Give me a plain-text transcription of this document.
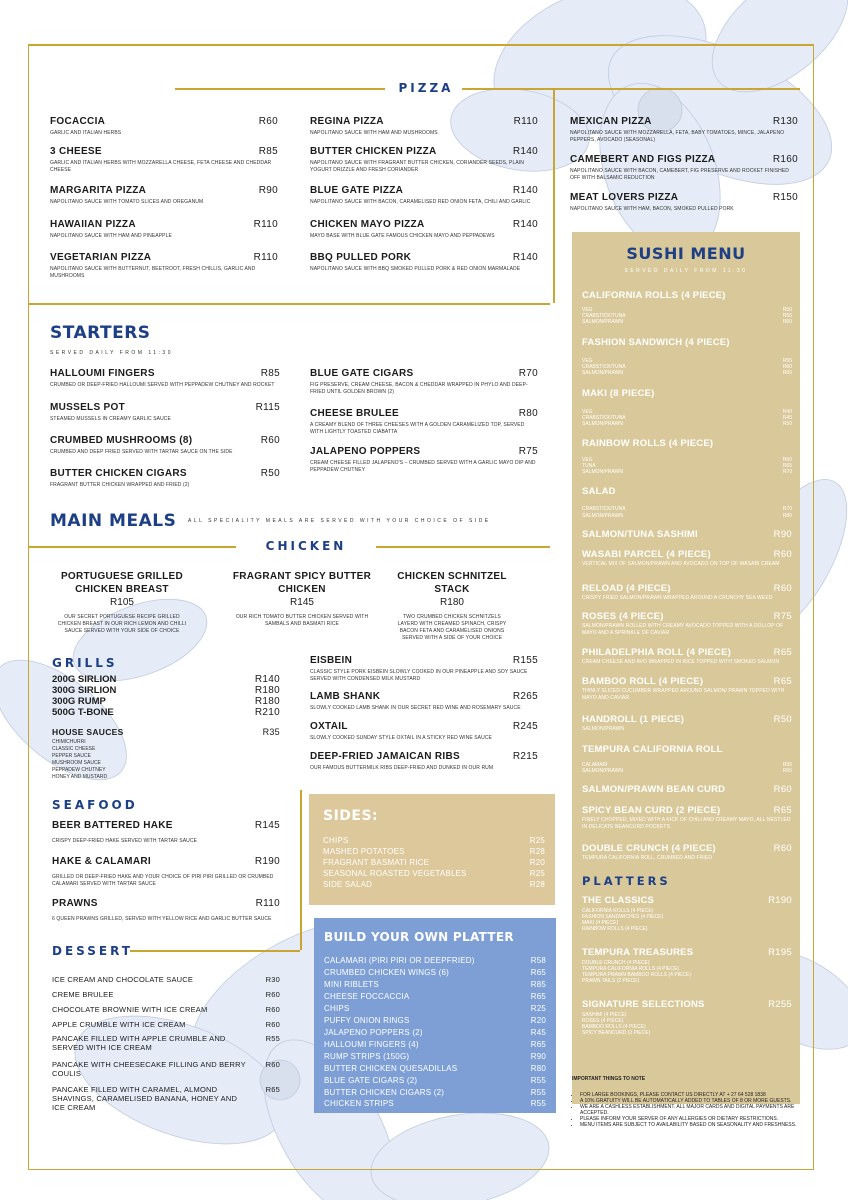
PIZZA
FOCACCIA	R60
GARLIC AND ITALIAN HERBS
3 CHEESE	R85
GARLIC AND ITALIAN HERBS WITH MOZZARELLA CHEESE, FETA CHEESE AND CHEDDAR CHEESE
MARGARITA PIZZA	R90
NAPOLITANO SAUCE WITH TOMATO SLICES AND OREGANUM
HAWAIIAN PIZZA	R110
NAPOLITANO SAUCE WITH HAM AND PINEAPPLE
VEGETARIAN PIZZA	R110
NAPOLITANO SAUCE WITH BUTTERNUT, BEETROOT, FRESH CHILLIS, GARLIC AND MUSHROOMS
REGINA PIZZA	R110
NAPOLITANO SAUCE WITH HAM AND MUSHROOMS
BUTTER CHICKEN PIZZA	R140
NAPOLITANO SAUCE WITH FRAGRANT BUTTER CHICKEN, CORIANDER SEEDS, PLAIN YOGURT DRIZZLE AND FRESH CORIANDER
BLUE GATE PIZZA	R140
NAPOLITANO SAUCE WITH BACON, CARAMELISED RED ONION FETA, CHILI AND GARLIC
CHICKEN MAYO PIZZA	R140
MAYO BASE WITH BLUE GATE FAMOUS CHICKEN MAYO AND PEPPADEWS
BBQ PULLED PORK	R140
NAPOLITANO SAUCE WITH BBQ SMOKED PULLED PORK & RED ONION MARMALADE
MEXICAN PIZZA	R130
NAPOLITANO SAUCE WITH MOZZARELLA, FETA, BABY TOMATOES, MINCE, JALAPENO PEPPERS, AVOCADO (SEASONAL)
CAMEBERT AND FIGS PIZZA	R160
NAPOLITANO SAUCE WITH BACON, CAMEBERT, FIG PRESERVE AND ROCKET FINISHED OFF WITH BALSAMIC REDUCTION
MEAT LOVERS PIZZA	R150
NAPOLITANO SAUCE WITH HAM, BACON, SMOKED PULLED PORK
STARTERS
SERVED DAILY FROM 11:30
HALLOUMI FINGERS	R85
CRUMBED OR DEEP-FRIED HALLOUMI SERVED WITH PEPPADEW CHUTNEY AND ROCKET
MUSSELS POT	R115
STEAMED MUSSELS IN CREAMY GARLIC SAUCE
CRUMBED MUSHROOMS (8)	R60
CRUMBED AND DEEP FRIED SERVED WITH TARTAR SAUCE ON THE SIDE
BUTTER CHICKEN CIGARS	R50
FRAGRANT BUTTER CHICKEN WRAPPED AND FRIED (2)
BLUE GATE CIGARS	R70
FIG PRESERVE, CREAM CHEESE, BACON & CHEDDAR WRAPPED IN PHYLO AND DEEP-FRIED UNTIL GOLDEN BROWN (2)
CHEESE BRULEE	R80
A CREAMY BLEND OF THREE CHEESES WITH A GOLDEN CARAMELIZED TOP, SERVED WITH LIGHTLY TOASTED CIABATTA
JALAPENO POPPERS	R75
CREAM CHEESE FILLED JALAPENO'S – CRUMBED SERVED WITH A GARLIC MAYO DIP AND PEPPADEW CHUTNEY
MAIN MEALS ALL SPECIALITY MEALS ARE SERVED WITH YOUR CHOICE OF SIDE
CHICKEN
PORTUGUESE GRILLED CHICKEN BREAST
R105
OUR SECRET PORTUGUESE RECIPE GRILLED CHICKEN BREAST IN OUR RICH LEMON AND CHILLI SAUCE SERVED WITH YOUR SIDE OF CHOICE
FRAGRANT SPICY BUTTER CHICKEN
R145
OUR RICH TOMATO BUTTER CHICKEN SERVED WITH SAMBALS AND BASMATI RICE
CHICKEN SCHNITZEL STACK
R180
TWO CRUMBED CHICKEN SCHNITZELS LAYERD WITH CREAMED SPINACH, CRISPY BACON FETA AND CARAMELISED ONIONS SERVED WITH A SIDE OF YOUR CHOICE
GRILLS
200G SIRLION	R140
300G SIRLION	R180
300G RUMP	R180
500G T-BONE	R210
HOUSE SAUCES	R35
CHIMICHURRI
CLASSIC CHEESE
PEPPER SAUCE
MUSHROOM SAUCE
PEPPADEW CHUTNEY
HONEY AND MUSTARD
EISBEIN	R155
CLASSIC STYLE PORK EISBEIN SLOWLY COOKED IN OUR PINEAPPLE AND SOY SAUCE SERVED WITH CONDENSED MILK MUSTARD
LAMB SHANK	R265
SLOWLY COOKED LAMB SHANK IN OUR SECRET RED WINE AND ROSEMARY SAUCE
OXTAIL	R245
SLOWLY COOKED SUNDAY STYLE OXTAIL IN A STICKY RED WINE SAUCE
DEEP-FRIED JAMAICAN RIBS	R215
OUR FAMOUS BUTTERMILK RIBS DEEP-FRIED AND DUNKED IN OUR RUM
SEAFOOD
BEER BATTERED HAKE	R145
CRISPY DEEP-FRIED HAKE SERVED WITH TARTAR SAUCE
HAKE & CALAMARI	R190
GRILLED OR DEEP-FRIED HAKE AND YOUR CHOICE OF PIRI PIRI GRILLED OR CRUMBED CALAMARI SERVED WITH TARTAR SAUCE
PRAWNS	R110
6 QUEEN PRAWNS GRILLED, SERVED WITH YELLOW RICE AND GARLIC BUTTER SAUCE
DESSERT
ICE CREAM AND CHOCOLATE SAUCE	R30
CREME BRULEE	R60
CHOCOLATE BROWNIE WITH ICE CREAM	R60
APPLE CRUMBLE WITH ICE CREAM	R60
PANCAKE FILLED WITH APPLE CRUMBLE AND SERVED WITH ICE CREAM
R55
PANCAKE WITH CHEESECAKE FILLING AND BERRY COULIS
R60
PANCAKE FILLED WITH CARAMEL, ALMOND SHAVINGS, CARAMELISED BANANA, HONEY AND ICE CREAM
R65
SIDES:
CHIPS	R25
MASHED POTATOES	R28
FRAGRANT BASMATI RICE	R20
SEASONAL ROASTED VEGETABLES	R25
SIDE SALAD	R28
BUILD YOUR OWN PLATTER
CALAMARI (PIRI PIRI OR DEEPFRIED)	R58
CRUMBED CHICKEN WINGS (6)	R65
MINI RIBLETS	R85
CHEESE FOCCACCIA	R65
CHIPS	R25
PUFFY ONION RINGS	R20
JALAPENO POPPERS (2)	R45
HALLOUMI FINGERS (4)	R65
RUMP STRIPS (150G)	R90
BUTTER CHICKEN QUESADILLAS	R80
BLUE GATE CIGARS (2)	R55
BUTTER CHICKEN CIGARS (2)	R55
CHICKEN STRIPS	R55
SUSHI MENU
SERVED DAILY FROM 11:30
CALIFORNIA ROLLS (4 PIECE)
VEG	R50
CRABSTICK/TUNA	R55
SALMON/PRAWN	R60
FASHION SANDWICH (4 PIECE)
VEG	R55
CRABSTICK/TUNA	R60
SALMON/PRAWN	R65
MAKI (8 PIECE)
VEG	R40
CRABSTICK/TUNA	R45
SALMON/PRAWN	R50
RAINBOW ROLLS (4 PIECE)
VEG	R60
TUNA	R65
SALMON/PRAWN	R70
SALAD
CRABSTICK/TUNA	R70
SALMON/PRAWN	R80
SALMON/TUNA SASHIMI	R90
WASABI PARCEL (4 PIECE)	R60
VERTICAL MIX OF SALMON/PRAWN AND AVOCADO ON TOP OF WASABI CREAM
RELOAD (4 PIECE)	R60
CRISPY FRIED SALMON/PRAWN WRAPPED AROUND A CRUNCHY SEA WEED
ROSES (4 PIECE)	R75
SALMON/PRAWN ROLLED WITH CREAMY AVOCADO TOPPED WITH A DOLLOP OF MAYO AND A SPRINKLE OF CAVIAR
PHILADELPHIA ROLL (4 PIECE)	R65
CREAM CHEESE AND AVO WRAPPED IN RICE TOPPED WITH SMOKED SALMON
BAMBOO ROLL (4 PIECE)	R65
THINLY SLICED CUCUMBER WRAPPED AROUND SALMON/ PRAWN TOPPED WITH MAYO AND CAVIAR
HANDROLL (1 PIECE)	R50
SALMON/PRAWN
TEMPURA CALIFORNIA ROLL
CALAMARI	R55
SALMON/PRAWN	R65
SALMON/PRAWN BEAN CURD	R60
SPICY BEAN CURD (2 PIECE)	R65
FINELY CHOPPED, MIXED WITH A KICK OF CHILI AND CREAMY MAYO, ALL NESTLED IN DELICATE BEANCURD POCKETS
DOUBLE CRUNCH (4 PIECE)	R60
TEMPURA CALIFORNIA ROLL, CRUMBED AND FRIED
PLATTERS
THE CLASSICS	R190
CALIFORNIA ROLLS (4 PIECE)
FASHION SANDWICHES (4 PIECE)
MAKI (4 PIECE)
RAINBOW ROLLS (4 PIECE)
TEMPURA TREASURES	R195
DOUBLE CRUNCH (4 PIECE)
TEMPURA CALIFORNIA ROLLS (4 PIECE)
TEMPURA PRAWN BAMBOO ROLLS (4 PIECE)
PRAWN TAILS (2 PIECE)
SIGNATURE SELECTIONS	R255
SASHIMI (4 PIECE)
ROSES (4 PIECE)
BAMBOO ROLLS (4 PIECE)
SPICY BEANCURD (2 PIECE)
IMPORTANT THINGS TO NOTE
• FOR LARGE BOOKINGS, PLEASE CONTACT US DIRECTLY AT + 27 64 528 1838
• A 10% GRATUITY WILL BE AUTOMATICALLY ADDED TO TABLES OF 8 OR MORE GUESTS.
• WE ARE A CASHLESS ESTABLISHMENT. ALL MAJOR CARDS AND DIGITAL PAYMENTS ARE ACCEPTED.
• PLEASE INFORM YOUR SERVER OF ANY ALLERGIES OR DIETARY RESTRICTIONS.
• MENU ITEMS ARE SUBJECT TO AVAILABILITY BASED ON SEASONALITY AND FRESHNESS.
